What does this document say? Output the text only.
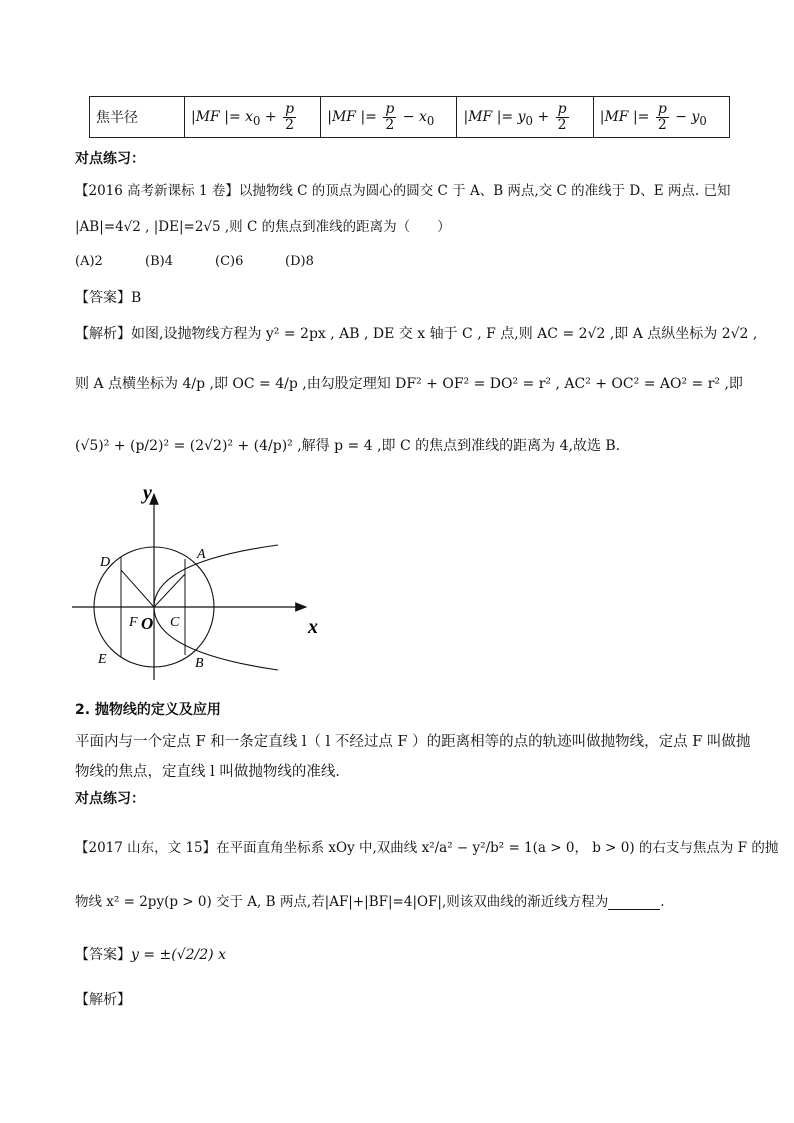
焦半径	|MF |= $x_0 + \frac{p}{2}$	|MF |= $\frac{p}{2} - x_0$	|MF |= $y_0 + \frac{p}{2}$	|MF |= $\frac{p}{2} - y_0$
对点练习：
【2016 高考新课标 1 卷】以抛物线 C 的顶点为圆心的圆交 C 于 A、B 两点,交 C 的准线于 D、E 两点. 已知
|AB|=4√2 , |DE|=2√5 ,则 C 的焦点到准线的距离为（　　）
(A)2	(B)4	(C)6	(D)8
【答案】B
【解析】如图,设抛物线方程为 y² = 2px , AB , DE 交 x 轴于 C , F 点,则 AC = 2√2 ,即 A 点纵坐标为 2√2 ,
则 A 点横坐标为 4/p ,即 OC = 4/p ,由勾股定理知 DF² + OF² = DO² = r² , AC² + OC² = AO² = r² ,即
(√5)² + (p/2)² = (2√2)² + (4/p)² ,解得 p = 4 ,即 C 的焦点到准线的距离为 4,故选 B.
y
x
O
A
B
C
D
E
F
2. 抛物线的定义及应用
平面内与一个定点 F 和一条定直线 l（ l 不经过点 F ）的距离相等的点的轨迹叫做抛物线，定点 F 叫做抛
物线的焦点，定直线 l 叫做抛物线的准线．
对点练习：
【2017 山东，文 15】在平面直角坐标系 xOy 中,双曲线 x²/a² − y²/b² = 1(a > 0， b > 0) 的右支与焦点为 F 的抛
物线 x² = 2py(p > 0) 交于 A, B 两点,若|AF|+|BF|=4|OF|,则该双曲线的渐近线方程为	.
【答案】y = ±(√2/2) x
【解析】
